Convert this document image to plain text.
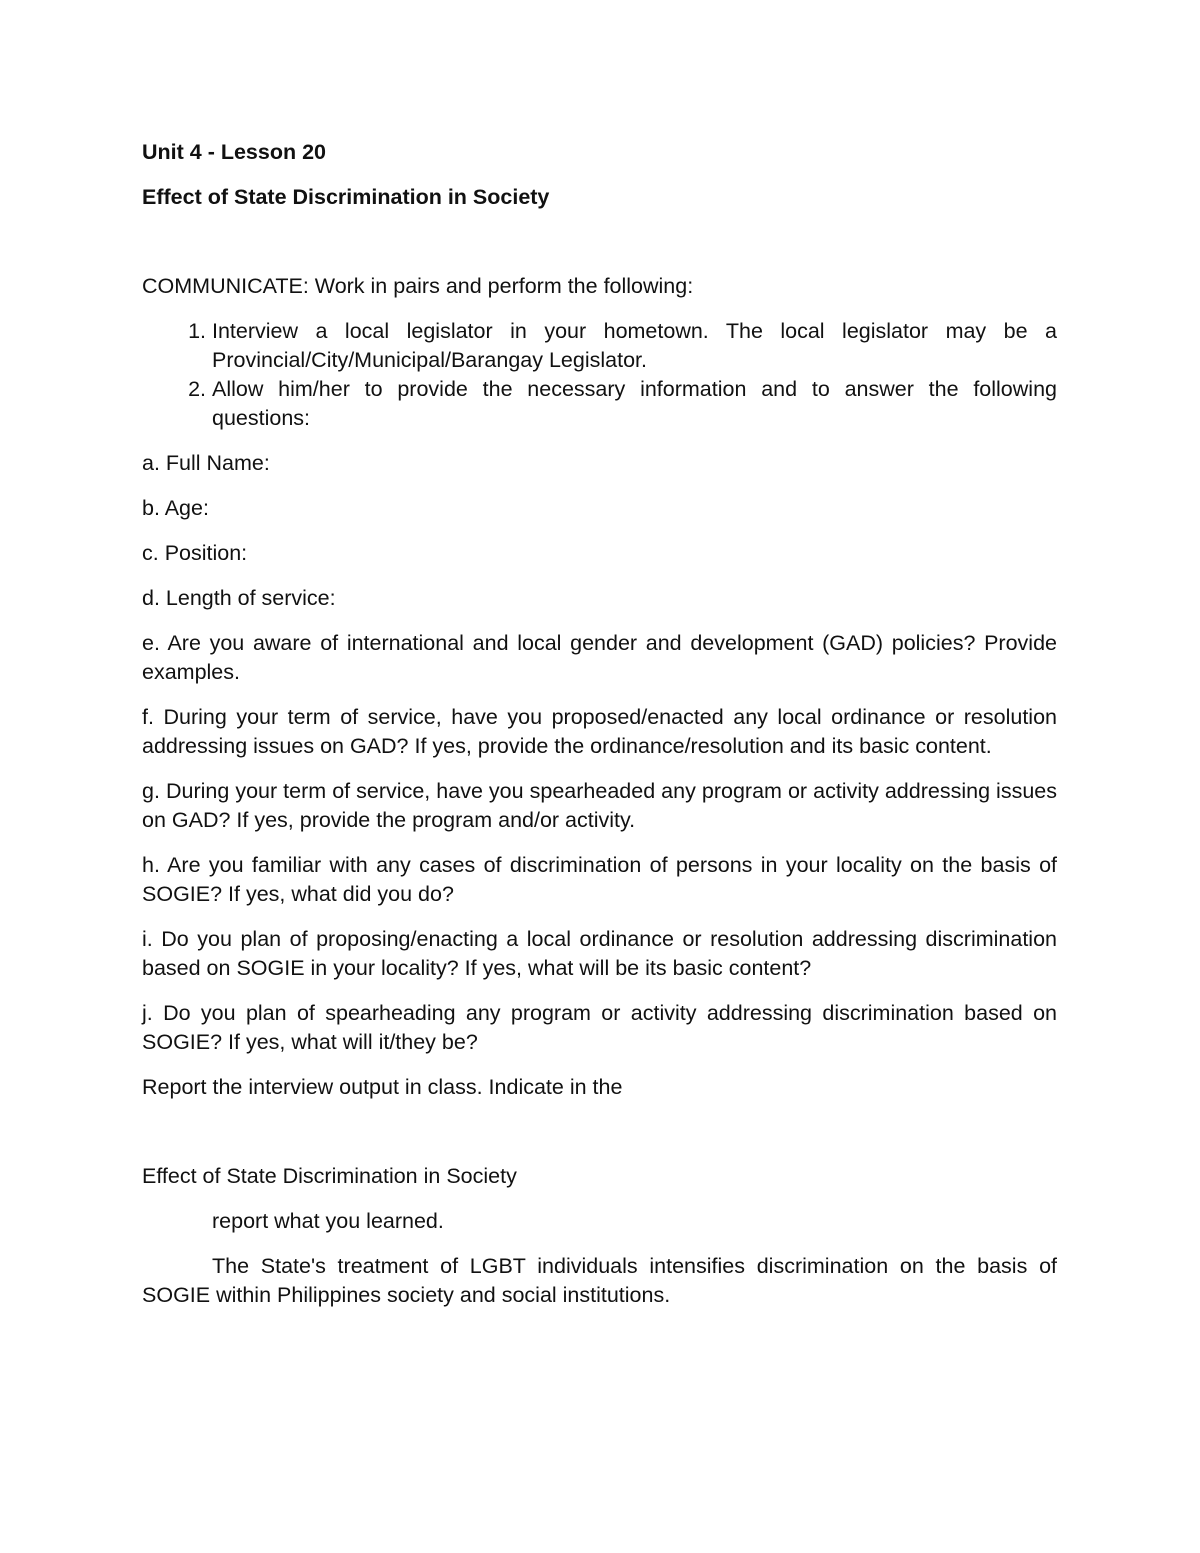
Unit 4 - Lesson 20

Effect of State Discrimination in Society

COMMUNICATE: Work in pairs and perform the following:

1. Interview a local legislator in your hometown. The local legislator may be a Provincial/City/Municipal/Barangay Legislator.
2. Allow him/her to provide the necessary information and to answer the following questions:

a. Full Name:

b. Age:

c. Position:

d. Length of service:

e. Are you aware of international and local gender and development (GAD) policies? Provide examples.

f. During your term of service, have you proposed/enacted any local ordinance or resolution addressing issues on GAD? If yes, provide the ordinance/resolution and its basic content.

g. During your term of service, have you spearheaded any program or activity addressing issues on GAD? If yes, provide the program and/or activity.

h. Are you familiar with any cases of discrimination of persons in your locality on the basis of SOGIE? If yes, what did you do?

i. Do you plan of proposing/enacting a local ordinance or resolution addressing discrimination based on SOGIE in your locality? If yes, what will be its basic content?

j. Do you plan of spearheading any program or activity addressing discrimination based on SOGIE? If yes, what will it/they be?

Report the interview output in class. Indicate in the

Effect of State Discrimination in Society

report what you learned.

The State's treatment of LGBT individuals intensifies discrimination on the basis of SOGIE within Philippines society and social institutions.
